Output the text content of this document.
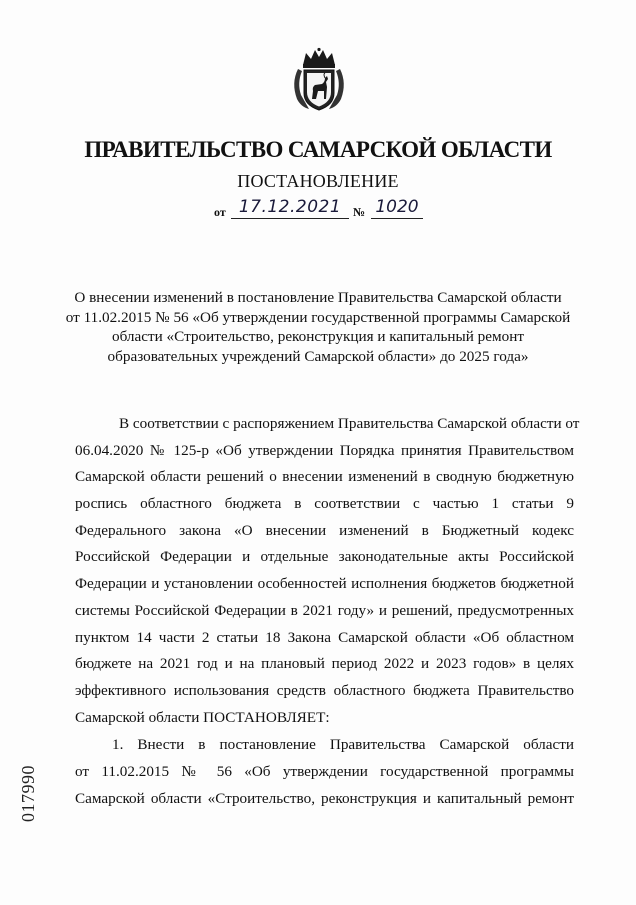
ПРАВИТЕЛЬСТВО САМАРСКОЙ ОБЛАСТИ
ПОСТАНОВЛЕНИЕ
от 17.12.2021 № 1020
О внесении изменений в постановление Правительства Самарской области
от 11.02.2015 № 56 «Об утверждении государственной программы Самарской
области «Строительство, реконструкция и капитальный ремонт
образовательных учреждений Самарской области» до 2025 года»
В соответствии с распоряжением Правительства Самарской области от
06.04.2020 № 125-р «Об утверждении Порядка принятия Правительством
Самарской области решений о внесении изменений в сводную бюджетную
роспись областного бюджета в соответствии с частью 1 статьи 9
Федерального закона «О внесении изменений в Бюджетный кодекс
Российской Федерации и отдельные законодательные акты Российской
Федерации и установлении особенностей исполнения бюджетов бюджетной
системы Российской Федерации в 2021 году» и решений, предусмотренных
пунктом 14 части 2 статьи 18 Закона Самарской области «Об областном
бюджете на 2021 год и на плановый период 2022 и 2023 годов» в целях
эффективного использования средств областного бюджета Правительство
Самарской области ПОСТАНОВЛЯЕТ:
1. Внести в постановление Правительства Самарской области
от 11.02.2015 № 56 «Об утверждении государственной программы
Самарской области «Строительство, реконструкция и капитальный ремонт
017990
